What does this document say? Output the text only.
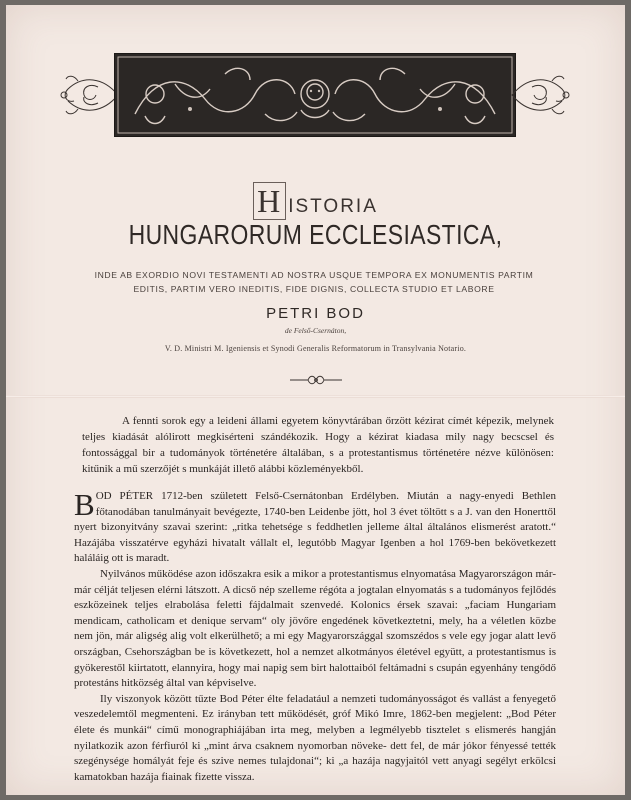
H ISTORIA
HUNGARORUM ECCLESIASTICA,
INDE AB EXORDIO NOVI TESTAMENTI AD NOSTRA USQUE TEMPORA EX MONUMENTIS PARTIM EDITIS, PARTIM VERO INEDITIS, FIDE DIGNIS, COLLECTA STUDIO ET LABORE
PETRI BOD
de Felső-Csernáton,
V. D. Ministri M. Igeniensis et Synodi Generalis Reformatorum in Transylvania Notario.
A fennti sorok egy a leideni állami egyetem könyvtárában őrzött kézirat címét képezik, melynek teljes kiadását alólirott megkisérteni szándékozik. Hogy a kézirat kiadasa mily nagy becscsel és fontossággal bir a tudományok történetére általában, s a protestantismus történetére nézve különösen: kitűnik a mű szerzőjét s munkáját illető alábbi közleményekből.

BOD PÉTER 1712-ben született Felső-Csernátonban Erdélyben. Miután a nagy-enyedi Bethlen főtanodában tanulmányait bevégezte, 1740-ben Leidenbe jött, hol 3 évet töltött s a J. van den Honerttől nyert bizonyitvány szavai szerint: „ritka tehetsége s feddhetlen jelleme által általános elismerést aratott.“ Hazájába visszatérve egyházi hivatalt vállalt el, legutóbb Magyar Igenben a hol 1769-ben bekövetkezett haláláig ott is maradt.

Nyilvános működése azon időszakra esik a mikor a protestantismus elnyomatása Magyarországon már-már célját teljesen elérni látszott. A dicső nép szelleme régóta a jogtalan elnyomatás s a tudományos fejlődés eszközeinek teljes elrabolása feletti fájdalmait szenvedé. Kolonics érsek szavai: „faciam Hungariam mendicam, catholicam et denique servam“ oly jövőre engedének következtetni, mely, ha a véletlen közbe nem jön, már aligség alig volt elkerülhető; a mi egy Magyarországgal szomszédos s vele egy jogar alatt levő országban, Csehországban be is következett, hol a nemzet alkotmányos életével együtt, a protestantismus is gyökerestől kiirtatott, elannyira, hogy mai napig sem birt halottaiból feltámadni s csupán egyenhány tengődő protestáns hitközség által van képviselve.

Ily viszonyok között tűzte Bod Péter élte feladatául a nemzeti tudományosságot és vallást a fenyegető veszedelemtől megmenteni. Ez irányban tett működését, gróf Mikó Imre, 1862-ben megjelent: „Bod Péter élete és munkái“ című monographiájában irta meg, melyben a legmélyebb tisztelet s elismerés hangján nyilatkozik azon férfiuról ki „mint árva csaknem nyomorban növeke- dett fel, de már jókor fényessé tették szegénysége homályát feje és szive nemes tulajdonai“; ki „a hazája nagyjaitól vett anyagi segélyt erkölcsi kamatokban hazája fiainak fizette vissza.
